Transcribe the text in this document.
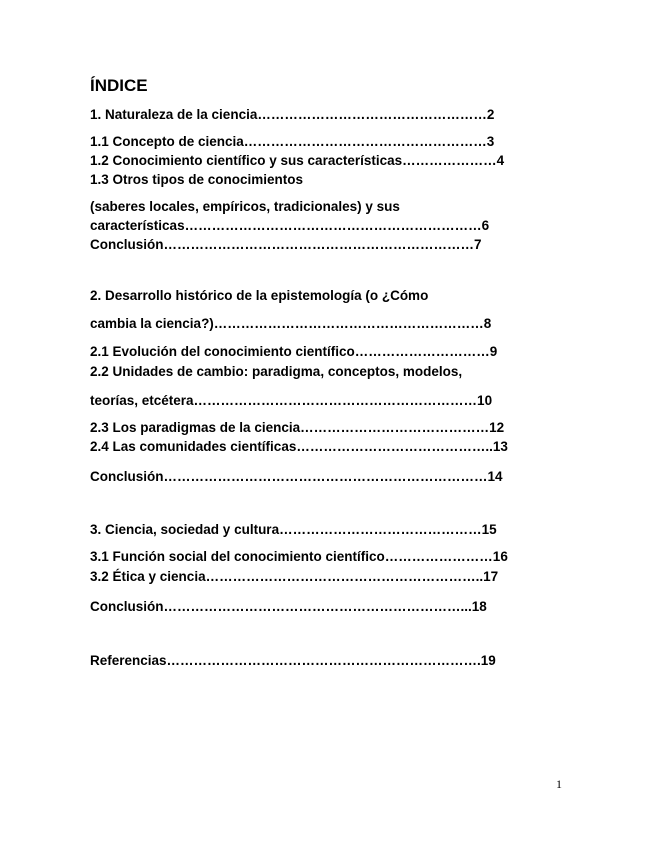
ÍNDICE
1. Naturaleza de la ciencia……………………………………………2
1.1 Concepto de ciencia………………………………………………3
1.2 Conocimiento científico y sus características…………………4
1.3 Otros tipos de conocimientos
(saberes locales, empíricos, tradicionales) y sus
características…………………………………………………………6
Conclusión……………………………………………………………7
2. Desarrollo histórico de la epistemología (o ¿Cómo
cambia la ciencia?)……………………………………………………8
2.1 Evolución del conocimiento científico…………………………9
2.2 Unidades de cambio: paradigma, conceptos, modelos,
teorías, etcétera………………………………………………………10
2.3 Los paradigmas de la ciencia……………………………………12
2.4 Las comunidades científicas……………………………………..13
Conclusión………………………………………………………………14
3. Ciencia, sociedad y cultura………………………………………15
3.1 Función social del conocimiento científico……………………16
3.2 Ética y ciencia……………………………………………………..17
Conclusión…………………………………………………………...18
Referencias…………………………………………………………….19
1
